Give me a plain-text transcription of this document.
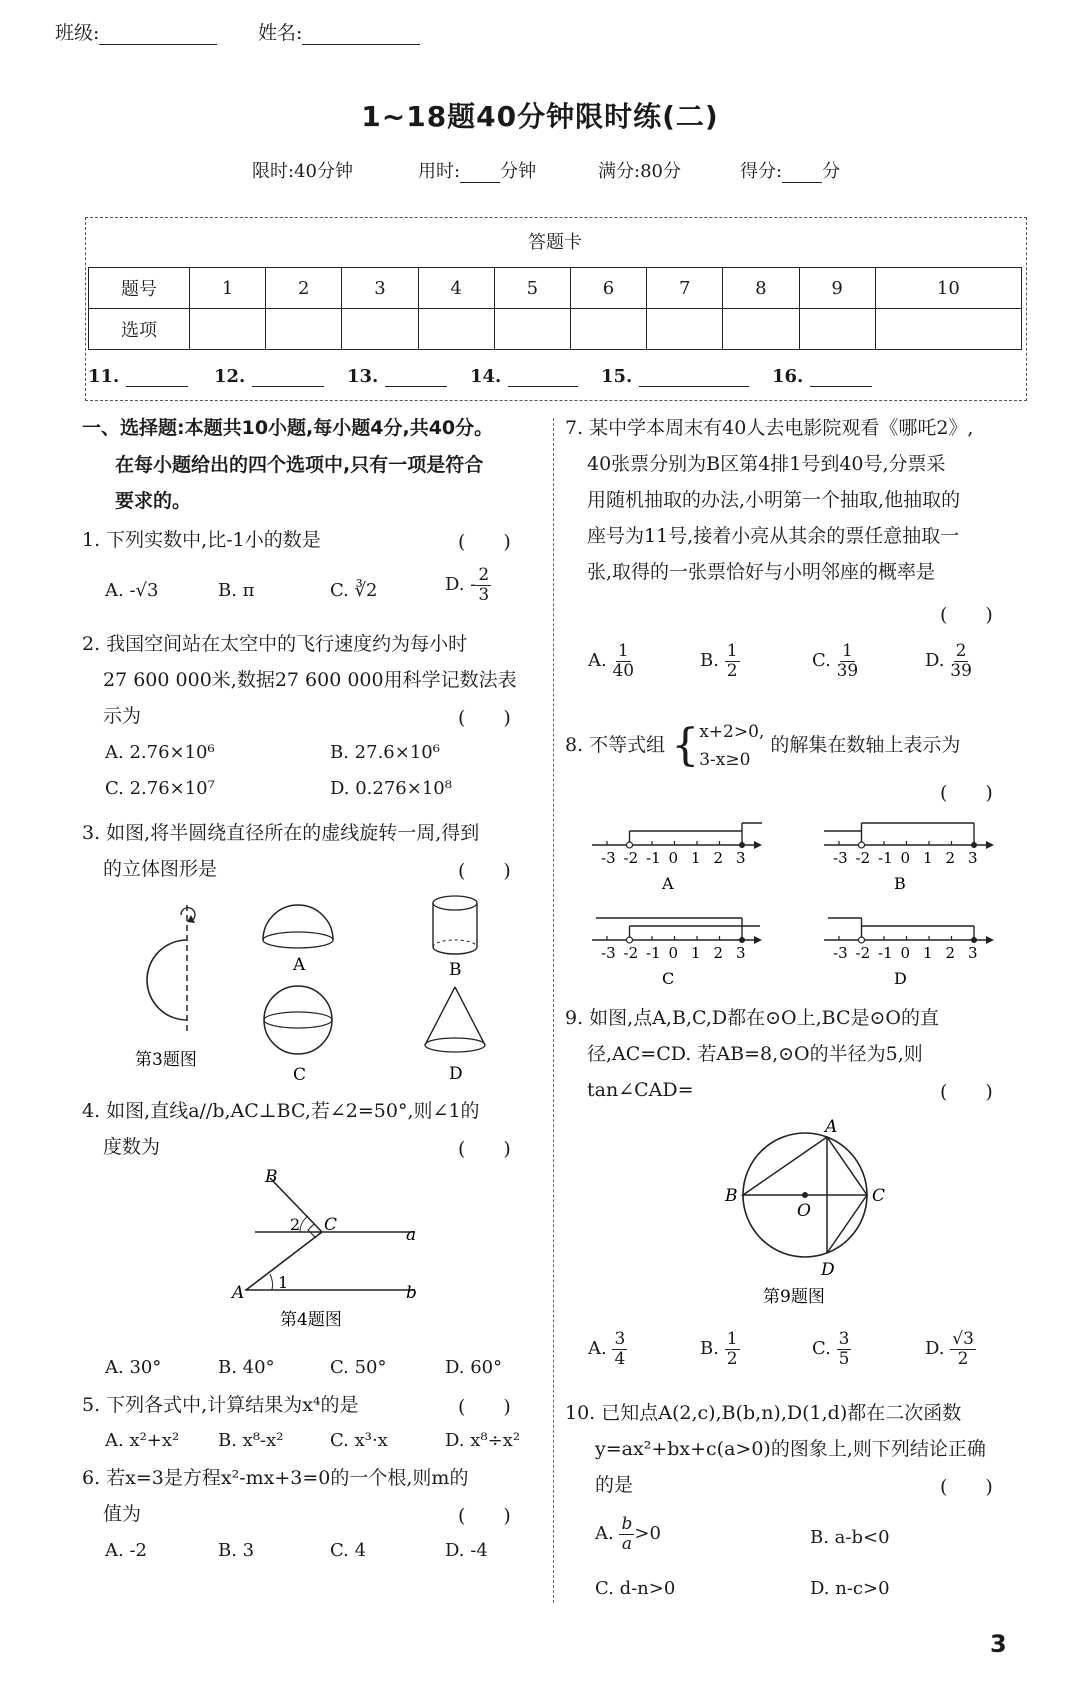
班级:	姓名:
1~18题40分钟限时练(二)
限时:40分钟	用时: 分钟	满分:80分	得分: 分
答题卡
题号	1	2	3	4	5	6	7	8	9	10
选项										
11.	12.	13.	14.	15.	16.
一、选择题:本题共10小题,每小题4分,共40分。
在每小题给出的四个选项中,只有一项是符合
要求的。
1. 下列实数中,比-1小的数是	(　　)
A. -√3	B. π	C. ∛2	D. - $\frac{2}{3}$
2. 我国空间站在太空中的飞行速度约为每小时
27 600 000米,数据27 600 000用科学记数法表
示为	(　　)
A. 2.76×10⁶	B. 27.6×10⁶
C. 2.76×10⁷	D. 0.276×10⁸
3. 如图,将半圆绕直径所在的虚线旋转一周,得到
的立体图形是	(　　)
第3题图
A	B
C	D
4. 如图,直线a//b,AC⊥BC,若∠2=50°,则∠1的
度数为	(　　)
B
2 C	a
A
1
b
第4题图
A. 30°	B. 40°	C. 50°	D. 60°
5. 下列各式中,计算结果为x⁴的是	(　　)
A. x²+x² B. x⁸-x²	C. x³·x	D. x⁸÷x²
6. 若x=3是方程x²-mx+3=0的一个根,则m的
值为	(　　)
A. -2	B. 3	C. 4	D. -4
7. 某中学本周末有40人去电影院观看《哪吒2》,
40张票分别为B区第4排1号到40号,分票采
用随机抽取的办法,小明第一个抽取,他抽取的
座号为11号,接着小亮从其余的票任意抽取一
张,取得的一张票恰好与小明邻座的概率是
(　　)
A. $\frac{1}{40}$	B. $\frac{1}{2}$	C. $\frac{1}{39}$	D. $\frac{2}{39}$
8. 不等式组 { x+2>0,
3-x≥0
的解集在数轴上表示为
(　　)
-3 -2 -1 0 1 2 3
A
-3 -2 -1 0 1 2 3
B
-3 -2 -1 0 1 2 3
C
-3 -2 -1 0 1 2 3
D
9. 如图,点A,B,C,D都在⊙O上,BC是⊙O的直
径,AC=CD. 若AB=8,⊙O的半径为5,则
tan∠CAD=	(　　)
A
B	C
D
O
第9题图
A. $\frac{3}{4}$	B. $\frac{1}{2}$	C. $\frac{3}{5}$	D. $\frac{√3}{2}$
10. 已知点A(2,c),B(b,n),D(1,d)都在二次函数
y=ax²+bx+c(a>0)的图象上,则下列结论正确
的是	(　　)
A. $\frac{b}{a} >0$	B. a-b<0
C. d-n>0	D. n-c>0
3
